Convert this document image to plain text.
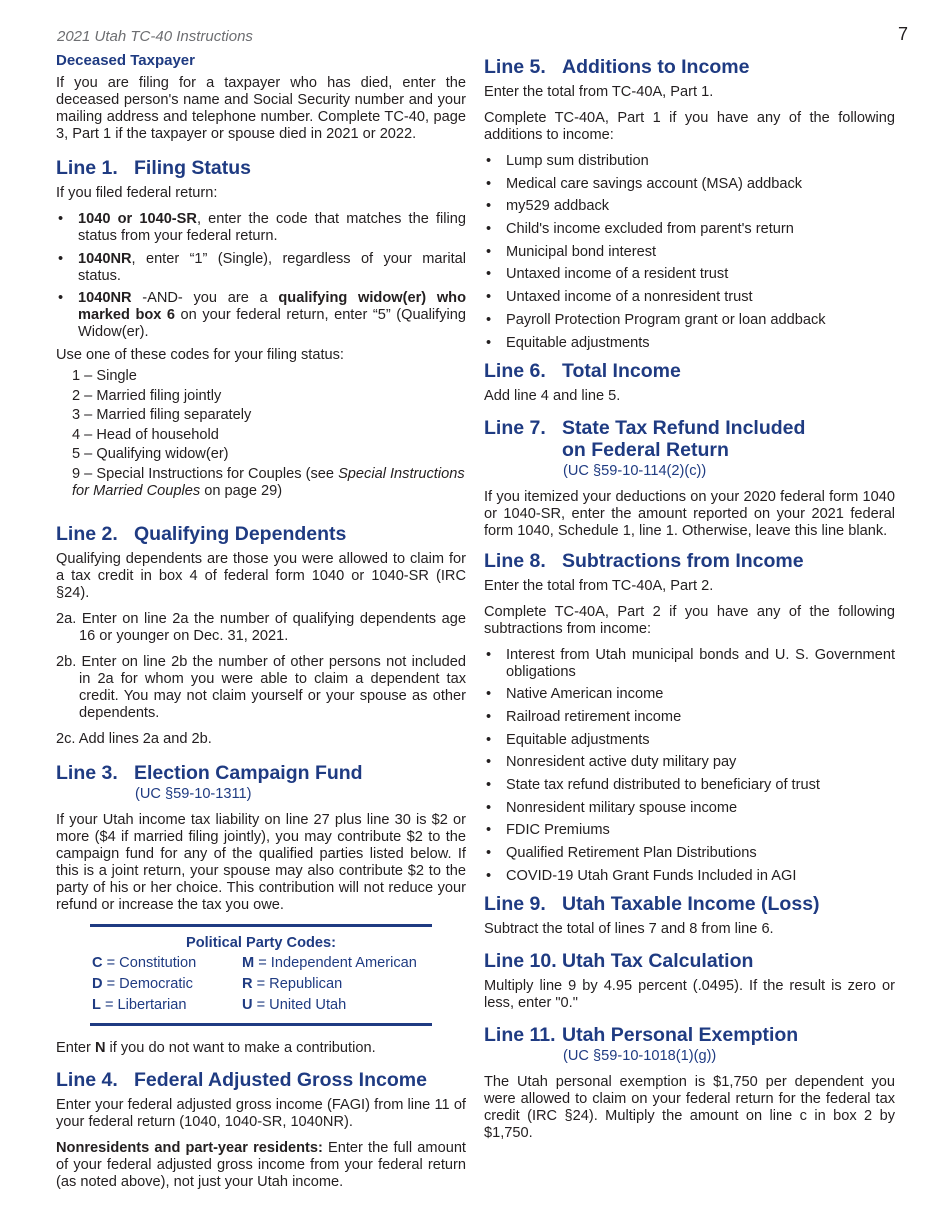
2021 Utah TC-40 Instructions	7
Deceased Taxpayer

If you are filing for a taxpayer who has died, enter the deceased person's name and Social Security number and your mailing address and telephone number. Complete TC-40, page 3, Part 1 if the taxpayer or spouse died in 2021 or 2022.

Line 1. Filing Status

If you filed federal return:

• 1040 or 1040-SR, enter the code that matches the filing status from your federal return.
• 1040NR, enter “1” (Single), regardless of your marital status.
• 1040NR -AND- you are a qualifying widow(er) who marked box 6 on your federal return, enter “5” (Qualifying Widow(er).

Use one of these codes for your filing status:

1 – Single
2 – Married filing jointly
3 – Married filing separately
4 – Head of household
5 – Qualifying widow(er)
9 – Special Instructions for Couples (see Special Instructions for Married Couples on page 29)
Line 2. Qualifying Dependents

Qualifying dependents are those you were allowed to claim for a tax credit in box 4 of federal form 1040 or 1040-SR (IRC §24).

2a. Enter on line 2a the number of qualifying dependents age 16 or younger on Dec. 31, 2021.

2b. Enter on line 2b the number of other persons not included in 2a for whom you were able to claim a dependent tax credit. You may not claim yourself or your spouse as other dependents.

2c. Add lines 2a and 2b.

Line 3. Election Campaign Fund
(UC §59-10-1311)

If your Utah income tax liability on line 27 plus line 30 is $2 or more ($4 if married filing jointly), you may contribute $2 to the campaign fund for any of the qualified parties listed below. If this is a joint return, your spouse may also contribute $2 to the party of his or her choice. This contribution will not reduce your refund or increase the tax you owe.

Political Party Codes:
C = Constitution	M = Independent American
D = Democratic	R = Republican
L = Libertarian	U = United Utah

Enter N if you do not want to make a contribution.

Line 4. Federal Adjusted Gross Income

Enter your federal adjusted gross income (FAGI) from line 11 of your federal return (1040, 1040-SR, 1040NR).

Nonresidents and part-year residents: Enter the full amount of your federal adjusted gross income from your federal return (as noted above), not just your Utah income.

Line 5. Additions to Income

Enter the total from TC-40A, Part 1.

Complete TC-40A, Part 1 if you have any of the following additions to income:

• Lump sum distribution
• Medical care savings account (MSA) addback
• my529 addback
• Child's income excluded from parent's return
• Municipal bond interest
• Untaxed income of a resident trust
• Untaxed income of a nonresident trust
• Payroll Protection Program grant or loan addback
• Equitable adjustments
Line 6. Total Income

Add line 4 and line 5.

Line 7. State Tax Refund Included
on Federal Return
(UC §59-10-114(2)(c))

If you itemized your deductions on your 2020 federal form 1040 or 1040-SR, enter the amount reported on your 2021 federal form 1040, Schedule 1, line 1. Otherwise, leave this line blank.

Line 8. Subtractions from Income

Enter the total from TC-40A, Part 2.

Complete TC-40A, Part 2 if you have any of the following subtractions from income:

• Interest from Utah municipal bonds and U. S. Government obligations
• Native American income
• Railroad retirement income
• Equitable adjustments
• Nonresident active duty military pay
• State tax refund distributed to beneficiary of trust
• Nonresident military spouse income
• FDIC Premiums
• Qualified Retirement Plan Distributions
• COVID-19 Utah Grant Funds Included in AGI
Line 9. Utah Taxable Income (Loss)

Subtract the total of lines 7 and 8 from line 6.

Line 10. Utah Tax Calculation

Multiply line 9 by 4.95 percent (.0495). If the result is zero or less, enter "0."

Line 11. Utah Personal Exemption
(UC §59-10-1018(1)(g))

The Utah personal exemption is $1,750 per dependent you were allowed to claim on your federal return for the federal tax credit (IRC §24). Multiply the amount on line c in box 2 by $1,750.
